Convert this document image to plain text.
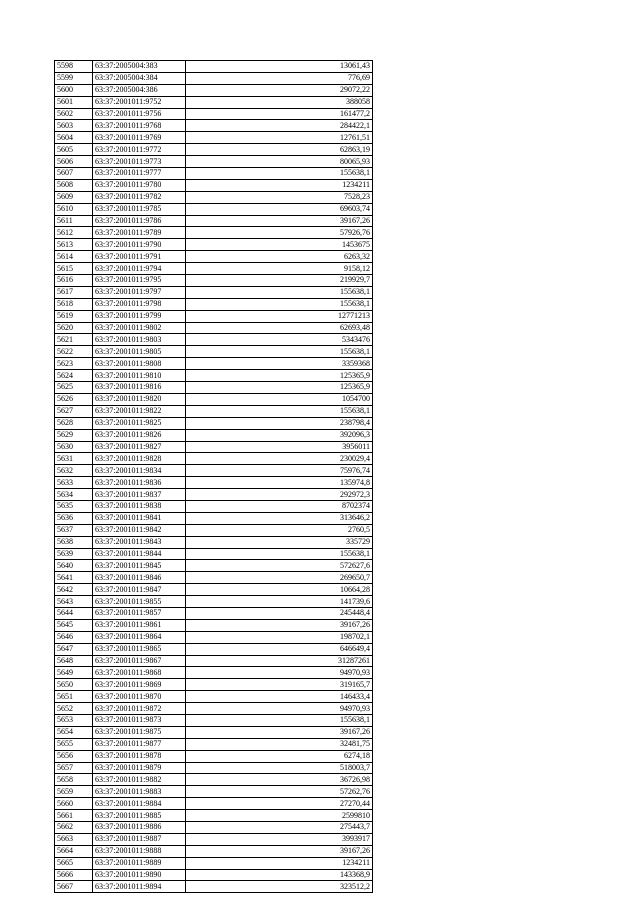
5598	63:37:2005004:383	13061,43
5599	63:37:2005004:384	776,69
5600	63:37:2005004:386	29072,22
5601	63:37:2001011:9752	388058
5602	63:37:2001011:9756	161477,2
5603	63:37:2001011:9768	284422,1
5604	63:37:2001011:9769	12761,51
5605	63:37:2001011:9772	62863,19
5606	63:37:2001011:9773	80065,93
5607	63:37:2001011:9777	155638,1
5608	63:37:2001011:9780	1234211
5609	63:37:2001011:9782	7528,23
5610	63:37:2001011:9785	69603,74
5611	63:37:2001011:9786	39167,26
5612	63:37:2001011:9789	57926,76
5613	63:37:2001011:9790	1453675
5614	63:37:2001011:9791	6263,32
5615	63:37:2001011:9794	9158,12
5616	63:37:2001011:9795	219929,7
5617	63:37:2001011:9797	155638,1
5618	63:37:2001011:9798	155638,1
5619	63:37:2001011:9799	12771213
5620	63:37:2001011:9802	62693,48
5621	63:37:2001011:9803	5343476
5622	63:37:2001011:9805	155638,1
5623	63:37:2001011:9808	3359368
5624	63:37:2001011:9810	125365,9
5625	63:37:2001011:9816	125365,9
5626	63:37:2001011:9820	1054700
5627	63:37:2001011:9822	155638,1
5628	63:37:2001011:9825	238798,4
5629	63:37:2001011:9826	392096,3
5630	63:37:2001011:9827	3956011
5631	63:37:2001011:9828	230029,4
5632	63:37:2001011:9834	75976,74
5633	63:37:2001011:9836	135974,8
5634	63:37:2001011:9837	292972,3
5635	63:37:2001011:9838	8702374
5636	63:37:2001011:9841	313646,2
5637	63:37:2001011:9842	2760,5
5638	63:37:2001011:9843	335729
5639	63:37:2001011:9844	155638,1
5640	63:37:2001011:9845	572627,6
5641	63:37:2001011:9846	269650,7
5642	63:37:2001011:9847	10664,28
5643	63:37:2001011:9855	141739,6
5644	63:37:2001011:9857	245448,4
5645	63:37:2001011:9861	39167,26
5646	63:37:2001011:9864	198702,1
5647	63:37:2001011:9865	646649,4
5648	63:37:2001011:9867	31287261
5649	63:37:2001011:9868	94970,93
5650	63:37:2001011:9869	319165,7
5651	63:37:2001011:9870	146433,4
5652	63:37:2001011:9872	94970,93
5653	63:37:2001011:9873	155638,1
5654	63:37:2001011:9875	39167,26
5655	63:37:2001011:9877	32481,75
5656	63:37:2001011:9878	6274,18
5657	63:37:2001011:9879	518003,7
5658	63:37:2001011:9882	36726,98
5659	63:37:2001011:9883	57262,76
5660	63:37:2001011:9884	27270,44
5661	63:37:2001011:9885	2599810
5662	63:37:2001011:9886	275443,7
5663	63:37:2001011:9887	3993917
5664	63:37:2001011:9888	39167,26
5665	63:37:2001011:9889	1234211
5666	63:37:2001011:9890	143368,9
5667	63:37:2001011:9894	323512,2
